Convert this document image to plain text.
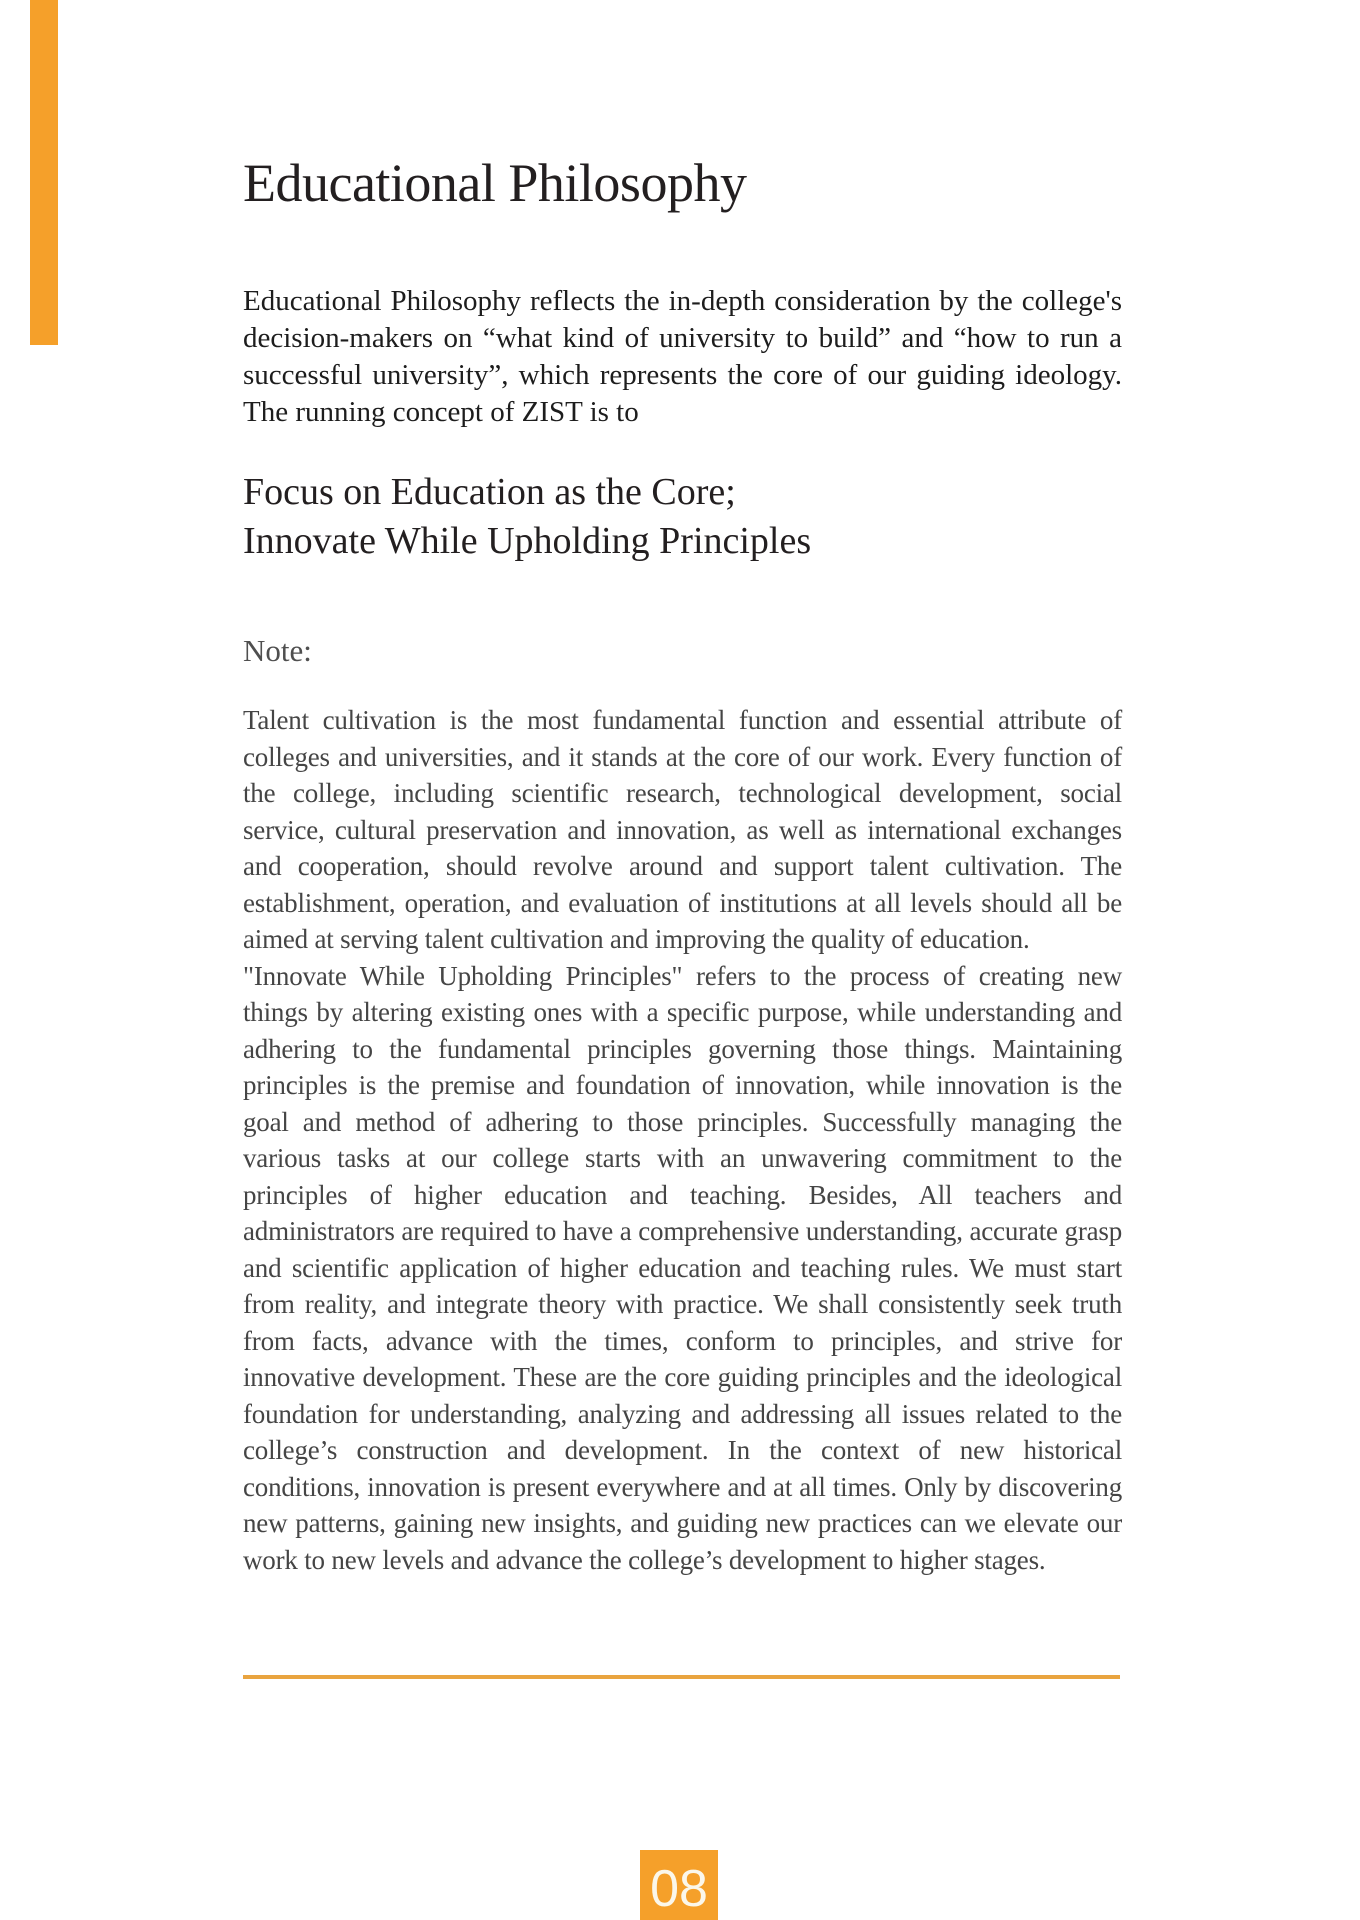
Educational Philosophy

Educational Philosophy reflects the in-depth consideration by the college's decision-makers on “what kind of university to build” and “how to run a successful university”, which represents the core of our guiding ideology. The running concept of ZIST is to

Focus on Education as the Core;
Innovate While Upholding Principles

Note:

Talent cultivation is the most fundamental function and essential attribute of colleges and universities, and it stands at the core of our work. Every function of the college, including scientific research, technological development, social service, cultural preservation and innovation, as well as international exchanges and cooperation, should revolve around and support talent cultivation. The establishment, operation, and evaluation of institutions at all levels should all be aimed at serving talent cultivation and improving the quality of education.

"Innovate While Upholding Principles" refers to the process of creating new things by altering existing ones with a specific purpose, while understanding and adhering to the fundamental principles governing those things. Maintaining principles is the premise and foundation of innovation, while innovation is the goal and method of adhering to those principles. Successfully managing the various tasks at our college starts with an unwavering commitment to the principles of higher education and teaching. Besides, All teachers and administrators are required to have a comprehensive understanding, accurate grasp and scientific application of higher education and teaching rules. We must start from reality, and integrate theory with practice. We shall consistently seek truth from facts, advance with the times, conform to principles, and strive for innovative development. These are the core guiding principles and the ideological foundation for understanding, analyzing and addressing all issues related to the college’s construction and development. In the context of new historical conditions, innovation is present everywhere and at all times. Only by discovering new patterns, gaining new insights, and guiding new practices can we elevate our work to new levels and advance the college’s development to higher stages.

08
